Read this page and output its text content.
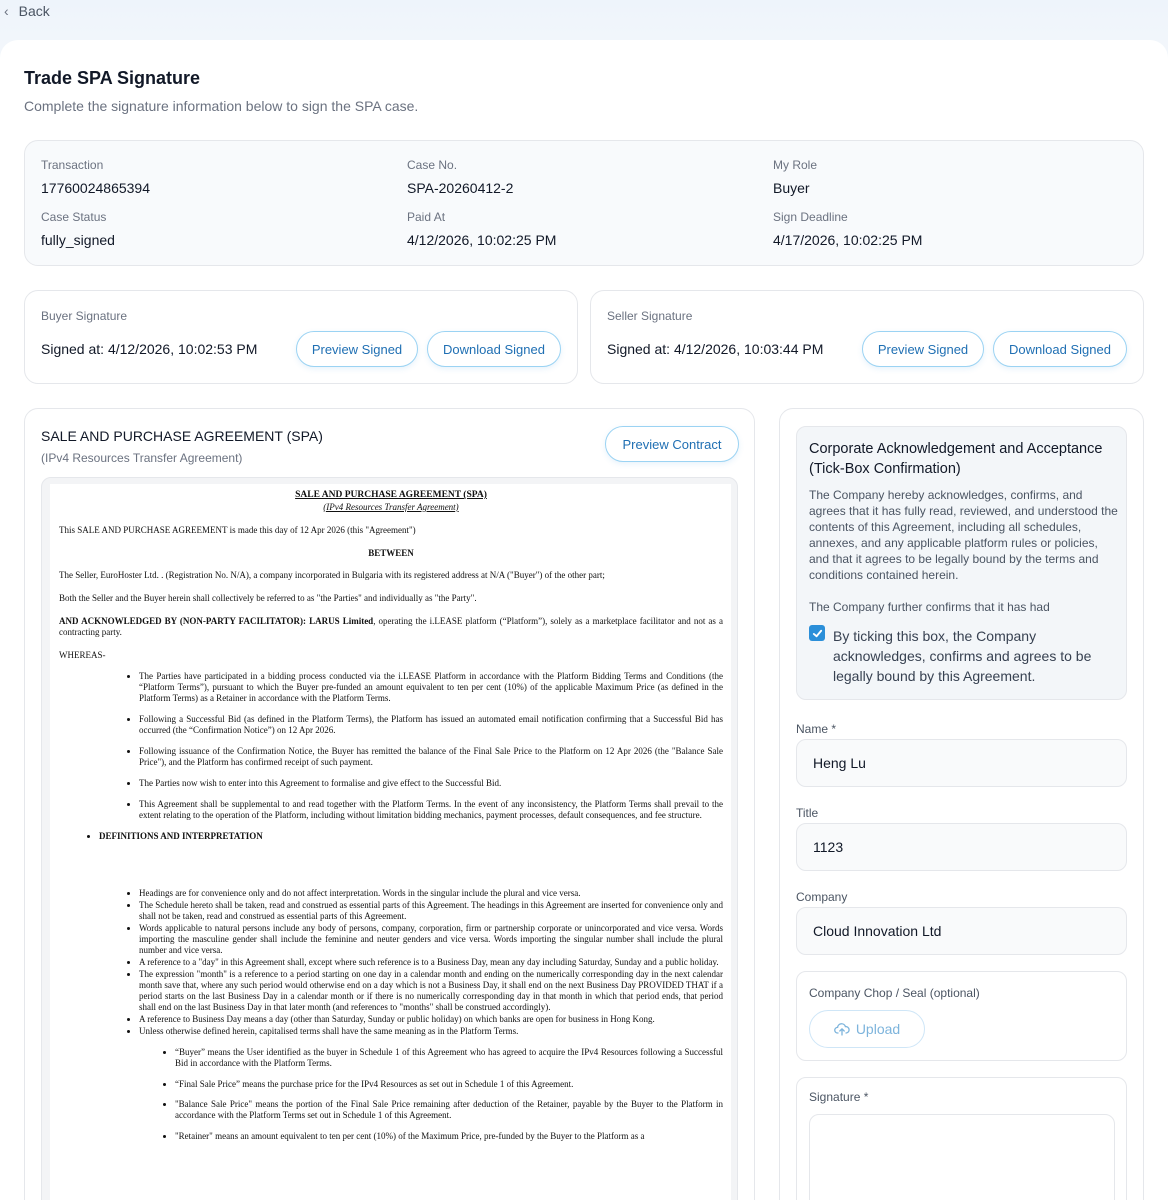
‹ Back
Trade SPA Signature
Complete the signature information below to sign the SPA case.
Transaction
17760024865394
Case No.
SPA-20260412-2
My Role
Buyer
Case Status
fully_signed
Paid At
4/12/2026, 10:02:25 PM
Sign Deadline
4/17/2026, 10:02:25 PM
Buyer Signature
Signed at: 4/12/2026, 10:02:53 PM	Preview Signed	Download Signed
Seller Signature
Signed at: 4/12/2026, 10:03:44 PM	Preview Signed	Download Signed
SALE AND PURCHASE AGREEMENT (SPA)
(IPv4 Resources Transfer Agreement)
Preview Contract
SALE AND PURCHASE AGREEMENT (SPA)
(IPv4 Resources Transfer Agreement)

This SALE AND PURCHASE AGREEMENT is made this day of 12 Apr 2026 (this "Agreement")

BETWEEN

The Seller, EuroHoster Ltd. . (Registration No. N/A), a company incorporated in Bulgaria with its registered address at N/A ("Buyer") of the other part;

Both the Seller and the Buyer herein shall collectively be referred to as "the Parties" and individually as "the Party".

AND ACKNOWLEDGED BY (NON-PARTY FACILITATOR): LARUS Limited, operating the i.LEASE platform (“Platform”), solely as a marketplace facilitator and not as a contracting party.

WHEREAS-

• The Parties have participated in a bidding process conducted via the i.LEASE Platform in accordance with the Platform Bidding Terms and Conditions (the “Platform Terms”), pursuant to which the Buyer pre-funded an amount equivalent to ten per cent (10%) of the applicable Maximum Price (as defined in the Platform Terms) as a Retainer in accordance with the Platform Terms.
• Following a Successful Bid (as defined in the Platform Terms), the Platform has issued an automated email notification confirming that a Successful Bid has occurred (the “Confirmation Notice”) on 12 Apr 2026.
• Following issuance of the Confirmation Notice, the Buyer has remitted the balance of the Final Sale Price to the Platform on 12 Apr 2026 (the "Balance Sale Price"), and the Platform has confirmed receipt of such payment.
• The Parties now wish to enter into this Agreement to formalise and give effect to the Successful Bid.
• This Agreement shall be supplemental to and read together with the Platform Terms. In the event of any inconsistency, the Platform Terms shall prevail to the extent relating to the operation of the Platform, including without limitation bidding mechanics, payment processes, default consequences, and fee structure.
• DEFINITIONS AND INTERPRETATION
• Headings are for convenience only and do not affect interpretation. Words in the singular include the plural and vice versa.
• The Schedule hereto shall be taken, read and construed as essential parts of this Agreement. The headings in this Agreement are inserted for convenience only and shall not be taken, read and construed as essential parts of this Agreement.
• Words applicable to natural persons include any body of persons, company, corporation, firm or partnership corporate or unincorporated and vice versa. Words importing the masculine gender shall include the feminine and neuter genders and vice versa. Words importing the singular number shall include the plural number and vice versa.
• A reference to a "day" in this Agreement shall, except where such reference is to a Business Day, mean any day including Saturday, Sunday and a public holiday.
• The expression "month" is a reference to a period starting on one day in a calendar month and ending on the numerically corresponding day in the next calendar month save that, where any such period would otherwise end on a day which is not a Business Day, it shall end on the next Business Day PROVIDED THAT if a period starts on the last Business Day in a calendar month or if there is no numerically corresponding day in that month in which that period ends, that period shall end on the last Business Day in that later month (and references to "months" shall be construed accordingly).
• A reference to Business Day means a day (other than Saturday, Sunday or public holiday) on which banks are open for business in Hong Kong.
• Unless otherwise defined herein, capitalised terms shall have the same meaning as in the Platform Terms.
• “Buyer” means the User identified as the buyer in Schedule 1 of this Agreement who has agreed to acquire the IPv4 Resources following a Successful Bid in accordance with the Platform Terms.
• “Final Sale Price” means the purchase price for the IPv4 Resources as set out in Schedule 1 of this Agreement.
• "Balance Sale Price" means the portion of the Final Sale Price remaining after deduction of the Retainer, payable by the Buyer to the Platform in accordance with the Platform Terms set out in Schedule 1 of this Agreement.
• "Retainer" means an amount equivalent to ten per cent (10%) of the Maximum Price, pre-funded by the Buyer to the Platform as a
Corporate Acknowledgement and Acceptance (Tick-Box Confirmation)
The Company hereby acknowledges, confirms, and agrees that it has fully read, reviewed, and understood the contents of this Agreement, including all schedules, annexes, and any applicable platform rules or policies, and that it agrees to be legally bound by the terms and conditions contained herein.
The Company further confirms that it has had
By ticking this box, the Company acknowledges, confirms and agrees to be legally bound by this Agreement.
Name *
Heng Lu
Title
1123
Company
Cloud Innovation Ltd
Company Chop / Seal (optional)
Upload
Signature *
